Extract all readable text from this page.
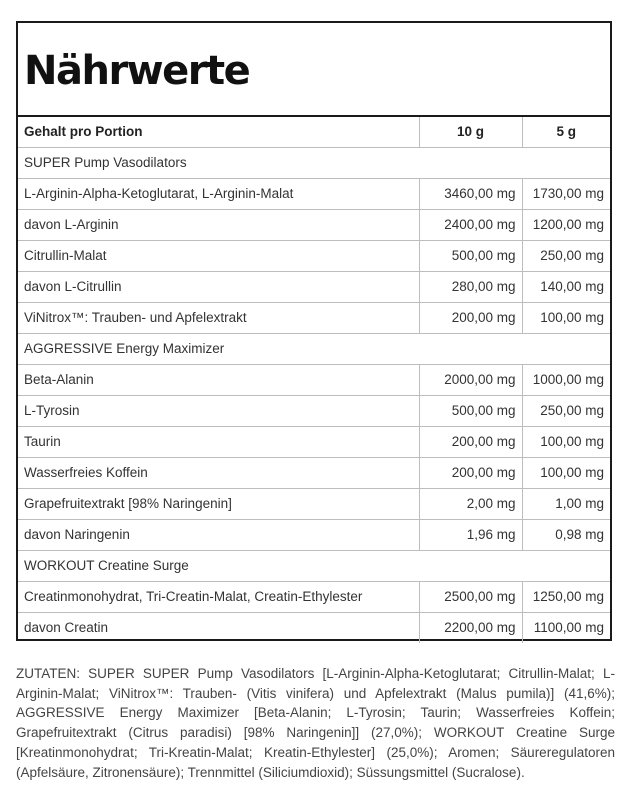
Nährwerte
Gehalt pro Portion	10 g	5 g
SUPER Pump Vasodilators		
L-Arginin-Alpha-Ketoglutarat, L-Arginin-Malat	3460,00 mg	1730,00 mg
davon L-Arginin	2400,00 mg	1200,00 mg
Citrullin-Malat	500,00 mg	250,00 mg
davon L-Citrullin	280,00 mg	140,00 mg
ViNitrox™: Trauben- und Apfelextrakt	200,00 mg	100,00 mg
AGGRESSIVE Energy Maximizer		
Beta-Alanin	2000,00 mg	1000,00 mg
L-Tyrosin	500,00 mg	250,00 mg
Taurin	200,00 mg	100,00 mg
Wasserfreies Koffein	200,00 mg	100,00 mg
Grapefruitextrakt [98% Naringenin]	2,00 mg	1,00 mg
davon Naringenin	1,96 mg	0,98 mg
WORKOUT Creatine Surge		
Creatinmonohydrat, Tri-Creatin-Malat, Creatin-Ethylester	2500,00 mg	1250,00 mg
davon Creatin	2200,00 mg	1100,00 mg

ZUTATEN: SUPER SUPER Pump Vasodilators [L-Arginin-Alpha-Ketoglutarat; Citrullin-Malat; L-Arginin-Malat; ViNitrox™: Trauben- (Vitis vinifera) und Apfelextrakt (Malus pumila)] (41,6%); AGGRESSIVE Energy Maximizer [Beta-Alanin; L-Tyrosin; Taurin; Wasserfreies Koffein; Grapefruitextrakt (Citrus paradisi) [98% Naringenin]] (27,0%); WORKOUT Creatine Surge [Kreatinmonohydrat; Tri-Kreatin-Malat; Kreatin-Ethylester] (25,0%); Aromen; Säureregulatoren (Apfelsäure, Zitronensäure); Trennmittel (Siliciumdioxid); Süssungsmittel (Sucralose).
